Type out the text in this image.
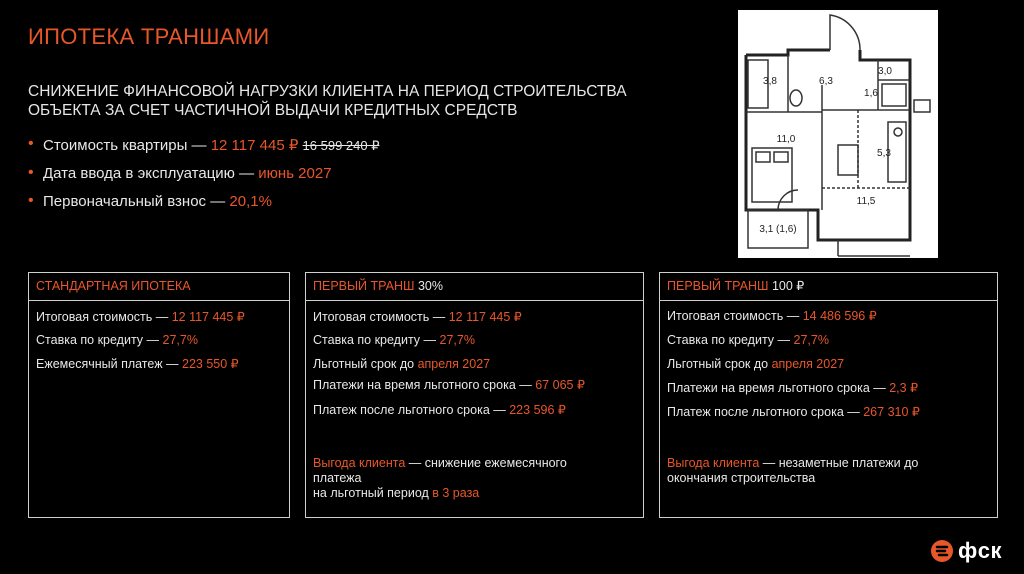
ИПОТЕКА ТРАНШАМИ
СНИЖЕНИЕ ФИНАНСОВОЙ НАГРУЗКИ КЛИЕНТА НА ПЕРИОД СТРОИТЕЛЬСТВА
ОБЪЕКТА ЗА СЧЕТ ЧАСТИЧНОЙ ВЫДАЧИ КРЕДИТНЫХ СРЕДСТВ
• Стоимость квартиры — 12 117 445 ₽ 16 599 240 ₽
• Дата ввода в эксплуатацию — июнь 2027
• Первоначальный взнос — 20,1%
3,8	6,3
3,0
1,6
11,0
5,3
11,5
3,1 (1,6)
СТАНДАРТНАЯ ИПОТЕКА
Итоговая стоимость — 12 117 445 ₽
Ставка по кредиту — 27,7%
Ежемесячный платеж — 223 550 ₽
ПЕРВЫЙ ТРАНШ 30%
Итоговая стоимость — 12 117 445 ₽
Ставка по кредиту — 27,7%
Льготный срок до апреля 2027
Платежи на время льготного срока — 67 065 ₽
Платеж после льготного срока — 223 596 ₽
Выгода клиента — снижение ежемесячного
платежа
на льготный период в 3 раза
ПЕРВЫЙ ТРАНШ 100 ₽
Итоговая стоимость — 14 486 596 ₽
Ставка по кредиту — 27,7%
Льготный срок до апреля 2027
Платежи на время льготного срока — 2,3 ₽
Платеж после льготного срока — 267 310 ₽
Выгода клиента — незаметные платежи до
окончания строительства
фск
